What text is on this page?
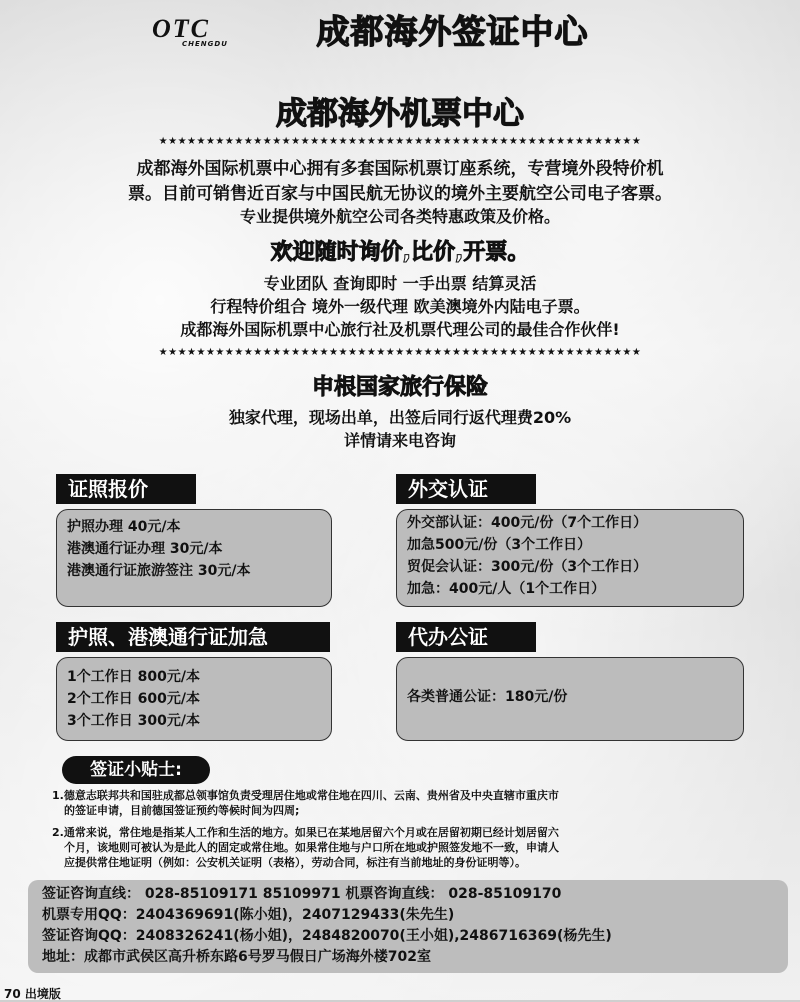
OTC
CHENGDU	成都海外签证中心
成都海外机票中心
★★★★★★★★★★★★★★★★★★★★★★★★★★★★★★★★★★★★★★★★★★★★★★★★★★★
成都海外国际机票中心拥有多套国际机票订座系统，专营境外段特价机
票。目前可销售近百家与中国民航无协议的境外主要航空公司电子客票。
专业提供境外航空公司各类特惠政策及价格。
欢迎随时询价,比价,开票。
专业团队 查询即时 一手出票 结算灵活
行程特价组合 境外一级代理 欧美澳境外内陆电子票。
成都海外国际机票中心旅行社及机票代理公司的最佳合作伙伴!
★★★★★★★★★★★★★★★★★★★★★★★★★★★★★★★★★★★★★★★★★★★★★★★★★★★
申根国家旅行保险
独家代理，现场出单，出签后同行返代理费20%
详情请来电咨询
证照报价
护照办理 40元/本
港澳通行证办理 30元/本
港澳通行证旅游签注 30元/本
外交认证
外交部认证：400元/份（7个工作日）
加急500元/份（3个工作日）
贸促会认证：300元/份（3个工作日）
加急：400元/人（1个工作日）
护照、港澳通行证加急
1个工作日 800元/本
2个工作日 600元/本
3个工作日 300元/本
代办公证
各类普通公证：180元/份
签证小贴士:
1.德意志联邦共和国驻成都总领事馆负责受理居住地或常住地在四川、云南、贵州省及中央直辖市重庆市
的签证申请，目前德国签证预约等候时间为四周;
2.通常来说，常住地是指某人工作和生活的地方。如果已在某地居留六个月或在居留初期已经计划居留六
个月，该地则可被认为是此人的固定或常住地。如果常住地与户口所在地或护照签发地不一致，申请人
应提供常住地证明（例如：公安机关证明（表格），劳动合同，标注有当前地址的身份证明等）。
签证咨询直线： 028-85109171 85109971 机票咨询直线： 028-85109170
机票专用QQ：2404369691(陈小姐)，2407129433(朱先生)
签证咨询QQ：2408326241(杨小姐)，2484820070(王小姐),2486716369(杨先生)
地址：成都市武侯区高升桥东路6号罗马假日广场海外楼702室
70 出境版
